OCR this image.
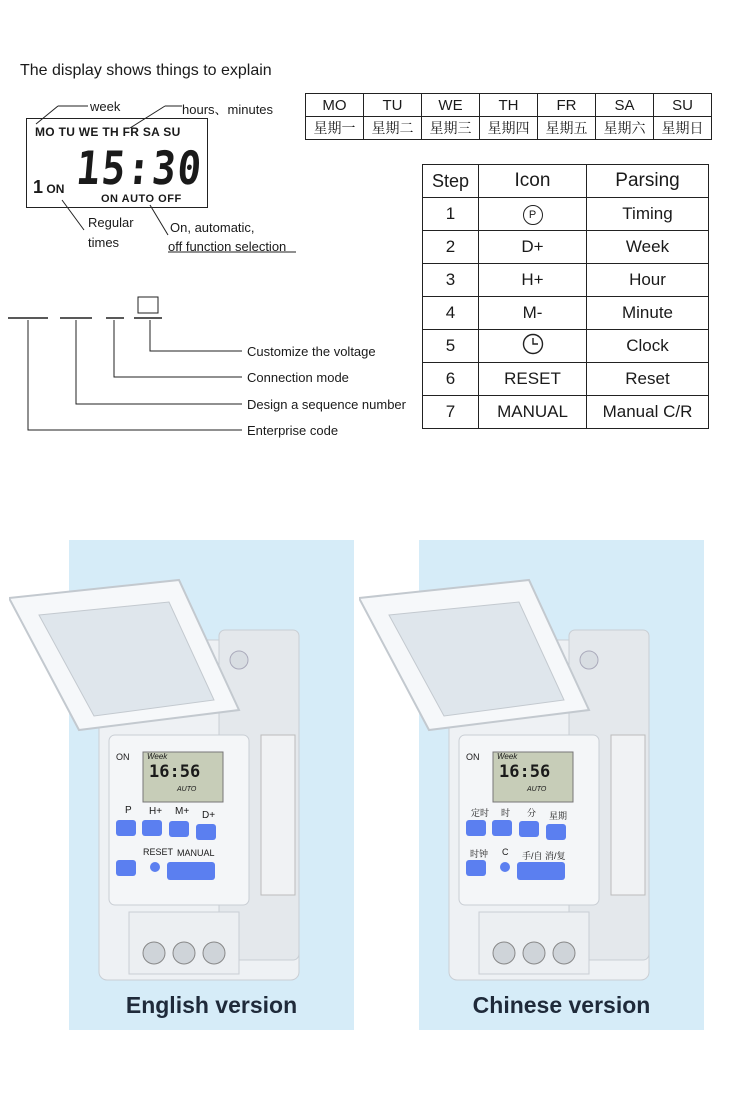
The display shows things to explain
week	hours、minutes
Regular
times
On, automatic,
off function selection
MO TU WE TH FR SA SU
15:30
1 ON
ON AUTO OFF
Customize the voltage
Connection mode
Design a sequence number
Enterprise code
MO	TU	WE	TH	FR	SA	SU
星期一	星期二	星期三	星期四	星期五	星期六	星期日
Step	Icon	Parsing
1	P	Timing
2	D+	Week
3	H+	Hour
4	M-	Minute
5		Clock
6	RESET	Reset
7	MANUAL	Manual C/R
ON Week
16:56
AUTO
P H+ M+ D+
RESET MANUAL
English version
ON Week
16:56
AUTO
定时 时 分 星期
时钟 C 手/自 消/复
Chinese version
